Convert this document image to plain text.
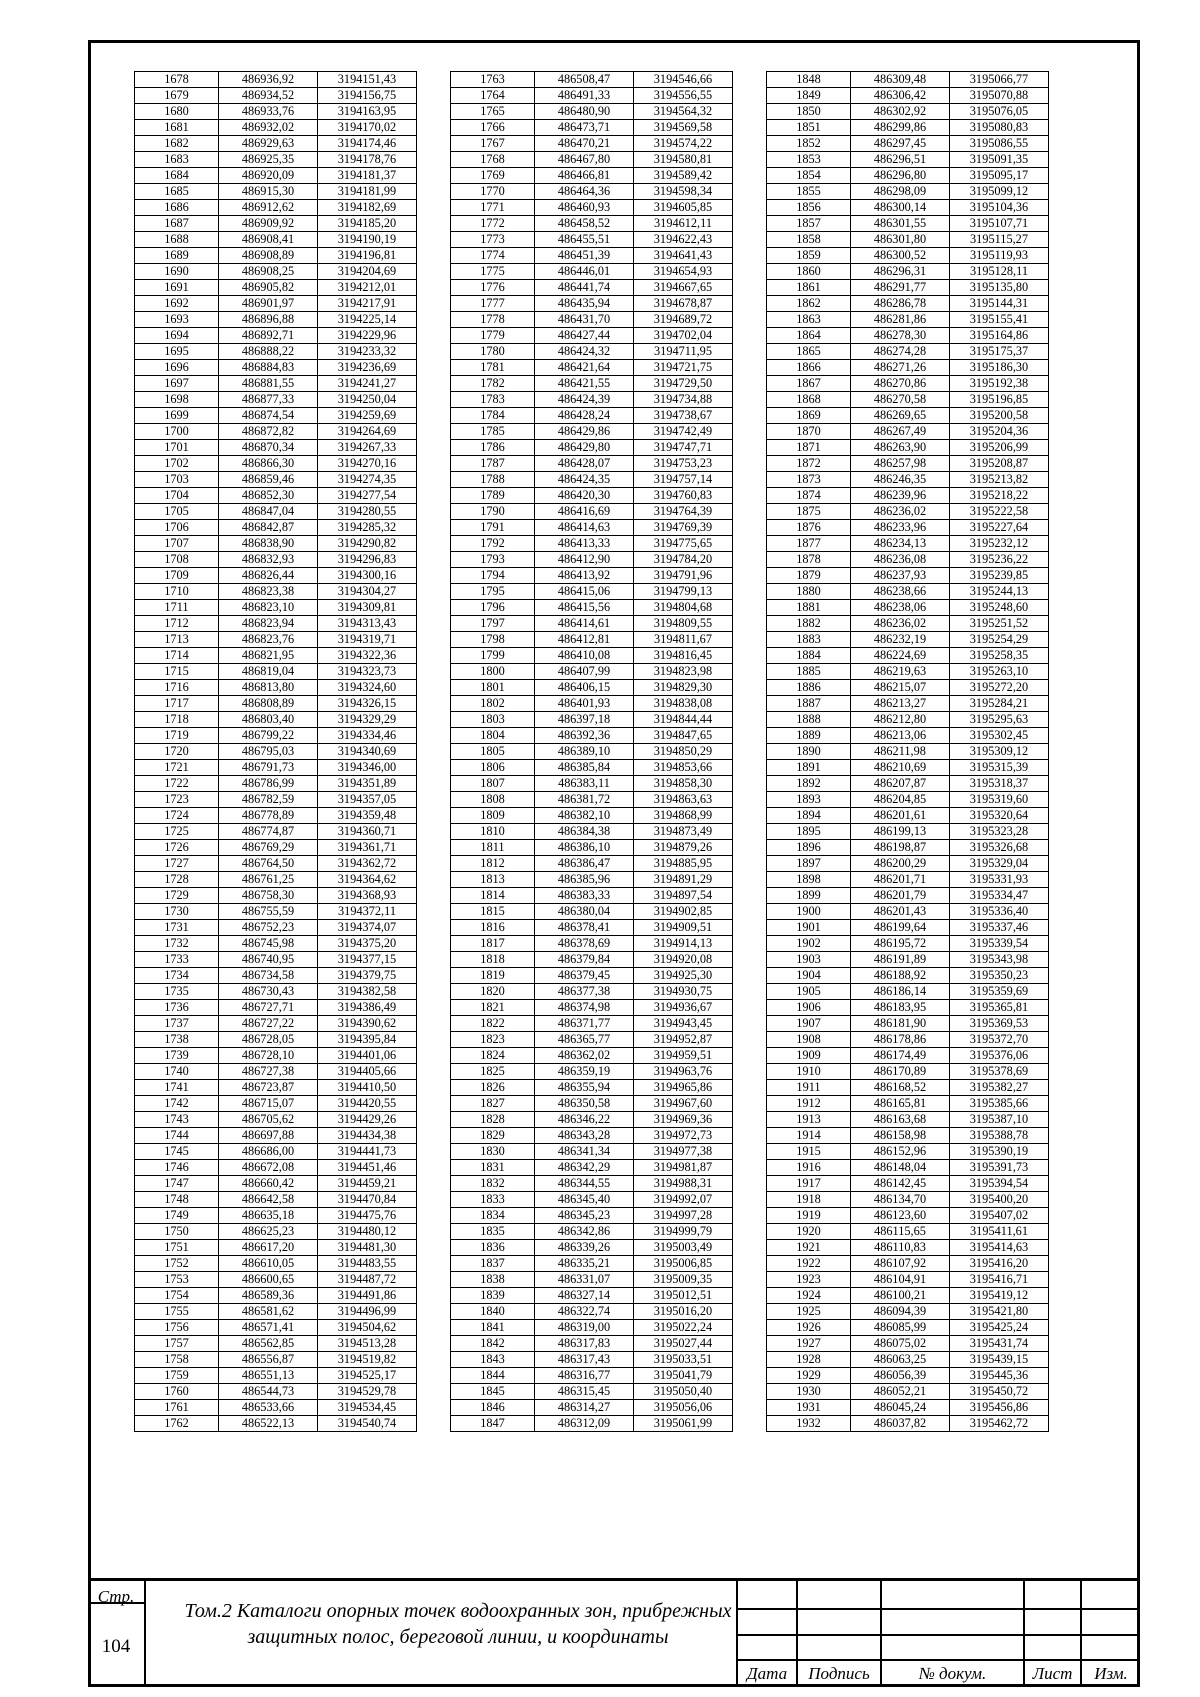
1678	486936,92	3194151,43
1679	486934,52	3194156,75
1680	486933,76	3194163,95
1681	486932,02	3194170,02
1682	486929,63	3194174,46
1683	486925,35	3194178,76
1684	486920,09	3194181,37
1685	486915,30	3194181,99
1686	486912,62	3194182,69
1687	486909,92	3194185,20
1688	486908,41	3194190,19
1689	486908,89	3194196,81
1690	486908,25	3194204,69
1691	486905,82	3194212,01
1692	486901,97	3194217,91
1693	486896,88	3194225,14
1694	486892,71	3194229,96
1695	486888,22	3194233,32
1696	486884,83	3194236,69
1697	486881,55	3194241,27
1698	486877,33	3194250,04
1699	486874,54	3194259,69
1700	486872,82	3194264,69
1701	486870,34	3194267,33
1702	486866,30	3194270,16
1703	486859,46	3194274,35
1704	486852,30	3194277,54
1705	486847,04	3194280,55
1706	486842,87	3194285,32
1707	486838,90	3194290,82
1708	486832,93	3194296,83
1709	486826,44	3194300,16
1710	486823,38	3194304,27
1711	486823,10	3194309,81
1712	486823,94	3194313,43
1713	486823,76	3194319,71
1714	486821,95	3194322,36
1715	486819,04	3194323,73
1716	486813,80	3194324,60
1717	486808,89	3194326,15
1718	486803,40	3194329,29
1719	486799,22	3194334,46
1720	486795,03	3194340,69
1721	486791,73	3194346,00
1722	486786,99	3194351,89
1723	486782,59	3194357,05
1724	486778,89	3194359,48
1725	486774,87	3194360,71
1726	486769,29	3194361,71
1727	486764,50	3194362,72
1728	486761,25	3194364,62
1729	486758,30	3194368,93
1730	486755,59	3194372,11
1731	486752,23	3194374,07
1732	486745,98	3194375,20
1733	486740,95	3194377,15
1734	486734,58	3194379,75
1735	486730,43	3194382,58
1736	486727,71	3194386,49
1737	486727,22	3194390,62
1738	486728,05	3194395,84
1739	486728,10	3194401,06
1740	486727,38	3194405,66
1741	486723,87	3194410,50
1742	486715,07	3194420,55
1743	486705,62	3194429,26
1744	486697,88	3194434,38
1745	486686,00	3194441,73
1746	486672,08	3194451,46
1747	486660,42	3194459,21
1748	486642,58	3194470,84
1749	486635,18	3194475,76
1750	486625,23	3194480,12
1751	486617,20	3194481,30
1752	486610,05	3194483,55
1753	486600,65	3194487,72
1754	486589,36	3194491,86
1755	486581,62	3194496,99
1756	486571,41	3194504,62
1757	486562,85	3194513,28
1758	486556,87	3194519,82
1759	486551,13	3194525,17
1760	486544,73	3194529,78
1761	486533,66	3194534,45
1762	486522,13	3194540,74
1763	486508,47	3194546,66
1764	486491,33	3194556,55
1765	486480,90	3194564,32
1766	486473,71	3194569,58
1767	486470,21	3194574,22
1768	486467,80	3194580,81
1769	486466,81	3194589,42
1770	486464,36	3194598,34
1771	486460,93	3194605,85
1772	486458,52	3194612,11
1773	486455,51	3194622,43
1774	486451,39	3194641,43
1775	486446,01	3194654,93
1776	486441,74	3194667,65
1777	486435,94	3194678,87
1778	486431,70	3194689,72
1779	486427,44	3194702,04
1780	486424,32	3194711,95
1781	486421,64	3194721,75
1782	486421,55	3194729,50
1783	486424,39	3194734,88
1784	486428,24	3194738,67
1785	486429,86	3194742,49
1786	486429,80	3194747,71
1787	486428,07	3194753,23
1788	486424,35	3194757,14
1789	486420,30	3194760,83
1790	486416,69	3194764,39
1791	486414,63	3194769,39
1792	486413,33	3194775,65
1793	486412,90	3194784,20
1794	486413,92	3194791,96
1795	486415,06	3194799,13
1796	486415,56	3194804,68
1797	486414,61	3194809,55
1798	486412,81	3194811,67
1799	486410,08	3194816,45
1800	486407,99	3194823,98
1801	486406,15	3194829,30
1802	486401,93	3194838,08
1803	486397,18	3194844,44
1804	486392,36	3194847,65
1805	486389,10	3194850,29
1806	486385,84	3194853,66
1807	486383,11	3194858,30
1808	486381,72	3194863,63
1809	486382,10	3194868,99
1810	486384,38	3194873,49
1811	486386,10	3194879,26
1812	486386,47	3194885,95
1813	486385,96	3194891,29
1814	486383,33	3194897,54
1815	486380,04	3194902,85
1816	486378,41	3194909,51
1817	486378,69	3194914,13
1818	486379,84	3194920,08
1819	486379,45	3194925,30
1820	486377,38	3194930,75
1821	486374,98	3194936,67
1822	486371,77	3194943,45
1823	486365,77	3194952,87
1824	486362,02	3194959,51
1825	486359,19	3194963,76
1826	486355,94	3194965,86
1827	486350,58	3194967,60
1828	486346,22	3194969,36
1829	486343,28	3194972,73
1830	486341,34	3194977,38
1831	486342,29	3194981,87
1832	486344,55	3194988,31
1833	486345,40	3194992,07
1834	486345,23	3194997,28
1835	486342,86	3194999,79
1836	486339,26	3195003,49
1837	486335,21	3195006,85
1838	486331,07	3195009,35
1839	486327,14	3195012,51
1840	486322,74	3195016,20
1841	486319,00	3195022,24
1842	486317,83	3195027,44
1843	486317,43	3195033,51
1844	486316,77	3195041,79
1845	486315,45	3195050,40
1846	486314,27	3195056,06
1847	486312,09	3195061,99
1848	486309,48	3195066,77
1849	486306,42	3195070,88
1850	486302,92	3195076,05
1851	486299,86	3195080,83
1852	486297,45	3195086,55
1853	486296,51	3195091,35
1854	486296,80	3195095,17
1855	486298,09	3195099,12
1856	486300,14	3195104,36
1857	486301,55	3195107,71
1858	486301,80	3195115,27
1859	486300,52	3195119,93
1860	486296,31	3195128,11
1861	486291,77	3195135,80
1862	486286,78	3195144,31
1863	486281,86	3195155,41
1864	486278,30	3195164,86
1865	486274,28	3195175,37
1866	486271,26	3195186,30
1867	486270,86	3195192,38
1868	486270,58	3195196,85
1869	486269,65	3195200,58
1870	486267,49	3195204,36
1871	486263,90	3195206,99
1872	486257,98	3195208,87
1873	486246,35	3195213,82
1874	486239,96	3195218,22
1875	486236,02	3195222,58
1876	486233,96	3195227,64
1877	486234,13	3195232,12
1878	486236,08	3195236,22
1879	486237,93	3195239,85
1880	486238,66	3195244,13
1881	486238,06	3195248,60
1882	486236,02	3195251,52
1883	486232,19	3195254,29
1884	486224,69	3195258,35
1885	486219,63	3195263,10
1886	486215,07	3195272,20
1887	486213,27	3195284,21
1888	486212,80	3195295,63
1889	486213,06	3195302,45
1890	486211,98	3195309,12
1891	486210,69	3195315,39
1892	486207,87	3195318,37
1893	486204,85	3195319,60
1894	486201,61	3195320,64
1895	486199,13	3195323,28
1896	486198,87	3195326,68
1897	486200,29	3195329,04
1898	486201,71	3195331,93
1899	486201,79	3195334,47
1900	486201,43	3195336,40
1901	486199,64	3195337,46
1902	486195,72	3195339,54
1903	486191,89	3195343,98
1904	486188,92	3195350,23
1905	486186,14	3195359,69
1906	486183,95	3195365,81
1907	486181,90	3195369,53
1908	486178,86	3195372,70
1909	486174,49	3195376,06
1910	486170,89	3195378,69
1911	486168,52	3195382,27
1912	486165,81	3195385,66
1913	486163,68	3195387,10
1914	486158,98	3195388,78
1915	486152,96	3195390,19
1916	486148,04	3195391,73
1917	486142,45	3195394,54
1918	486134,70	3195400,20
1919	486123,60	3195407,02
1920	486115,65	3195411,61
1921	486110,83	3195414,63
1922	486107,92	3195416,20
1923	486104,91	3195416,71
1924	486100,21	3195419,12
1925	486094,39	3195421,80
1926	486085,99	3195425,24
1927	486075,02	3195431,74
1928	486063,25	3195439,15
1929	486056,39	3195445,36
1930	486052,21	3195450,72
1931	486045,24	3195456,86
1932	486037,82	3195462,72
Стр.
104
Том.2 Каталоги опорных точек водоохранных зон, прибрежных
защитных полос, береговой линии, и координаты
Дата	Подпись	№ докум.	Лист	Изм.
